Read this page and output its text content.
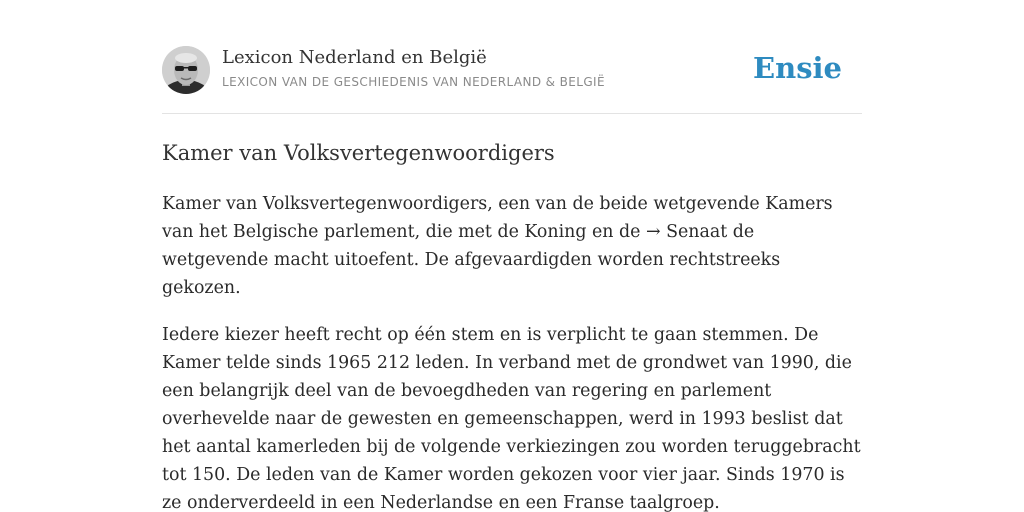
Lexicon Nederland en België
LEXICON VAN DE GESCHIEDENIS VAN NEDERLAND & BELGIË	Ensie
Kamer van Volksvertegenwoordigers

Kamer van Volksvertegenwoordigers, een van de beide wetgevende Kamers van het Belgische parlement, die met de Koning en de → Senaat de wetgevende macht uitoefent. De afgevaardigden worden rechtstreeks gekozen.

Iedere kiezer heeft recht op één stem en is verplicht te gaan stemmen. De Kamer telde sinds 1965 212 leden. In verband met de grondwet van 1990, die een belangrijk deel van de bevoegdheden van regering en parlement overhevelde naar de gewesten en gemeenschappen, werd in 1993 beslist dat het aantal kamerleden bij de volgende verkiezingen zou worden teruggebracht tot 150. De leden van de Kamer worden gekozen voor vier jaar. Sinds 1970 is ze onderverdeeld in een Nederlandse en een Franse taalgroep.
